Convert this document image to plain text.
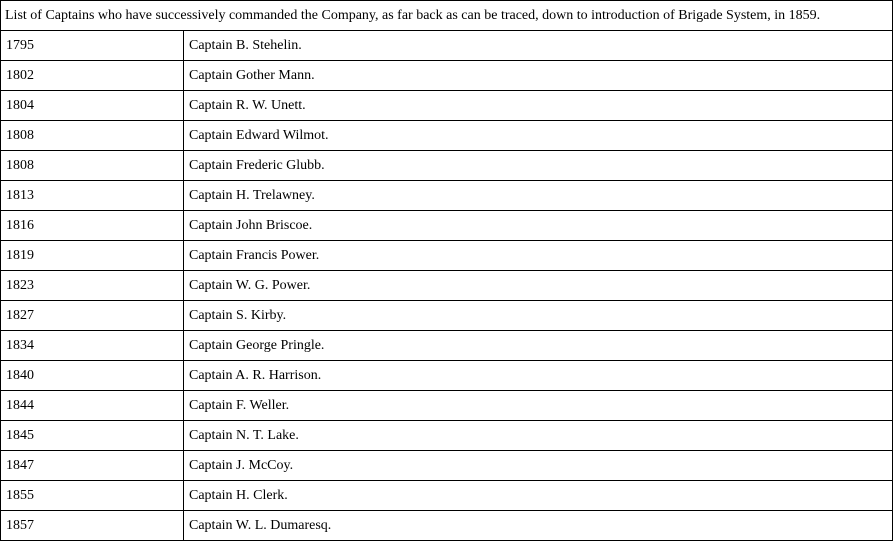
List of Captains who have successively commanded the Company, as far back as can be traced, down to introduction of Brigade System, in 1859.	
1795	Captain B. Stehelin.
1802	Captain Gother Mann.
1804	Captain R. W. Unett.
1808	Captain Edward Wilmot.
1808	Captain Frederic Glubb.
1813	Captain H. Trelawney.
1816	Captain John Briscoe.
1819	Captain Francis Power.
1823	Captain W. G. Power.
1827	Captain S. Kirby.
1834	Captain George Pringle.
1840	Captain A. R. Harrison.
1844	Captain F. Weller.
1845	Captain N. T. Lake.
1847	Captain J. McCoy.
1855	Captain H. Clerk.
1857	Captain W. L. Dumaresq.
